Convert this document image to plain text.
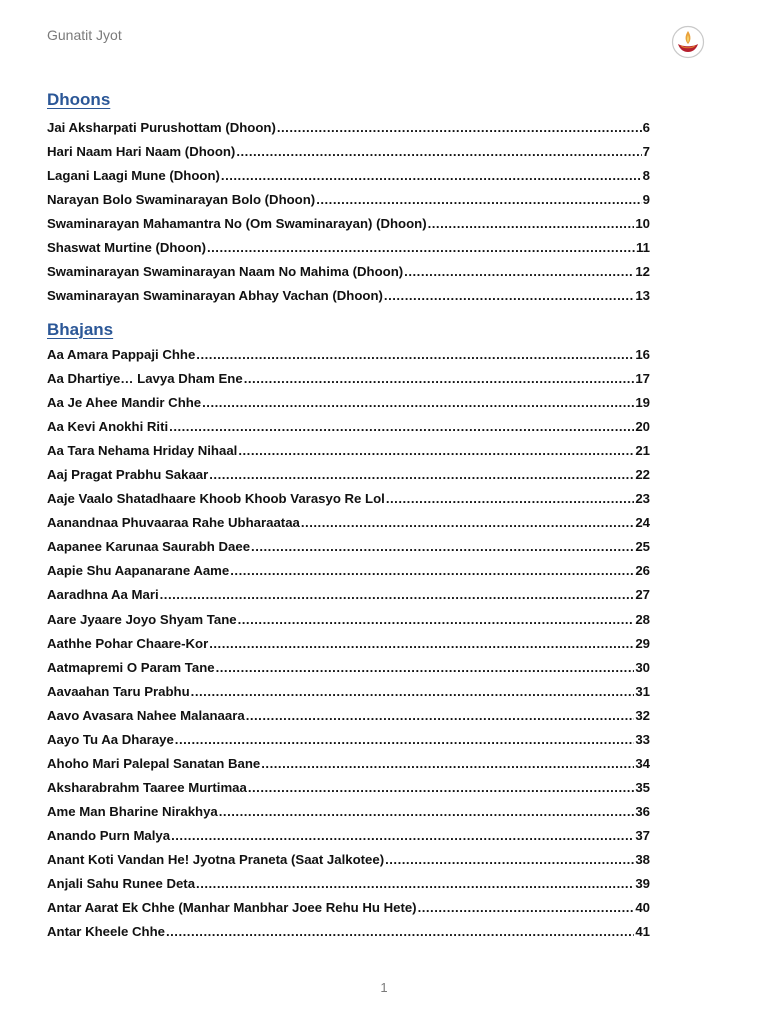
Gunatit Jyot
Dhoons
Jai Aksharpati Purushottam (Dhoon) .....	6
Hari Naam Hari Naam (Dhoon) .....	7
Lagani Laagi Mune (Dhoon) .....	8
Narayan Bolo Swaminarayan Bolo (Dhoon) .....	9
Swaminarayan Mahamantra No (Om Swaminarayan) (Dhoon) .....	10
Shaswat Murtine (Dhoon) .....	11
Swaminarayan Swaminarayan Naam No Mahima (Dhoon) .....	12
Swaminarayan Swaminarayan Abhay Vachan (Dhoon) .....	13
Bhajans
Aa Amara Pappaji Chhe .....	16
Aa Dhartiye… Lavya Dham Ene .....	17
Aa Je Ahee Mandir Chhe .....	19
Aa Kevi Anokhi Riti .....	20
Aa Tara Nehama Hriday Nihaal .....	21
Aaj Pragat Prabhu Sakaar .....	22
Aaje Vaalo Shatadhaare Khoob Khoob Varasyo Re Lol .....	23
Aanandnaa Phuvaaraa Rahe Ubharaataa .....	24
Aapanee Karunaa Saurabh Daee .....	25
Aapie Shu Aapanarane Aame .....	26
Aaradhna Aa Mari .....	27
Aare Jyaare Joyo Shyam Tane .....	28
Aathhe Pohar Chaare-Kor .....	29
Aatmapremi O Param Tane .....	30
Aavaahan Taru Prabhu .....	31
Aavo Avasara Nahee Malanaara .....	32
Aayo Tu Aa Dharaye .....	33
Ahoho Mari Palepal Sanatan Bane .....	34
Aksharabrahm Taaree Murtimaa .....	35
Ame Man Bharine Nirakhya .....	36
Anando Purn Malya .....	37
Anant Koti Vandan He! Jyotna Praneta (Saat Jalkotee) .....	38
Anjali Sahu Runee Deta .....	39
Antar Aarat Ek Chhe (Manhar Manbhar Joee Rehu Hu Hete) .....	40
Antar Kheele Chhe .....	41
1
